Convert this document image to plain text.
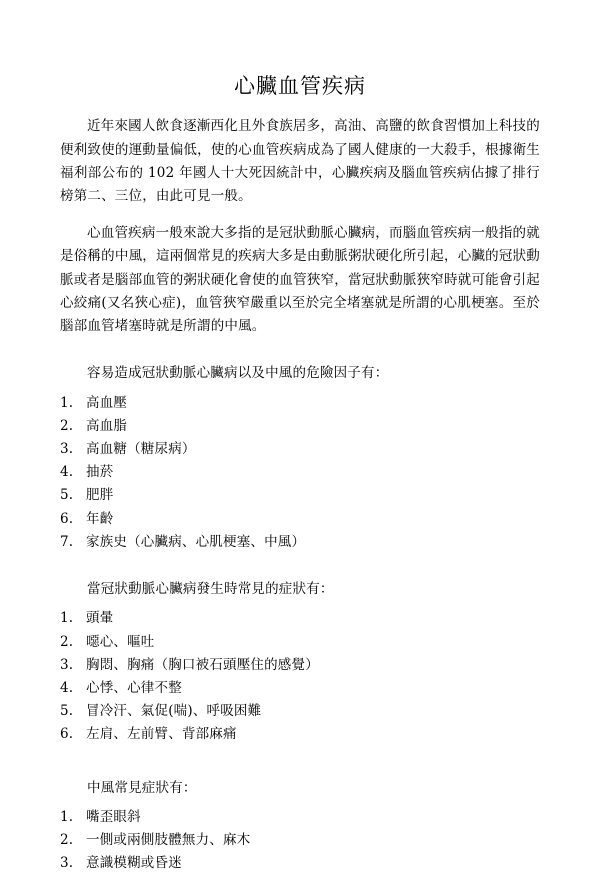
心臟血管疾病

近年來國人飲食逐漸西化且外食族居多，高油、高鹽的飲食習慣加上科技的便利致使的運動量偏低，使的心血管疾病成為了國人健康的一大殺手，根據衛生福利部公布的 102 年國人十大死因統計中，心臟疾病及腦血管疾病佔據了排行榜第二、三位，由此可見一般。

心血管疾病一般來說大多指的是冠狀動脈心臟病，而腦血管疾病一般指的就是俗稱的中風，這兩個常見的疾病大多是由動脈粥狀硬化所引起，心臟的冠狀動脈或者是腦部血管的粥狀硬化會使的血管狹窄，當冠狀動脈狹窄時就可能會引起心絞痛(又名狹心症)，血管狹窄嚴重以至於完全堵塞就是所謂的心肌梗塞。至於腦部血管堵塞時就是所謂的中風。

容易造成冠狀動脈心臟病以及中風的危險因子有：

1. 高血壓
2. 高血脂
3. 高血糖（糖尿病）
4. 抽菸
5. 肥胖
6. 年齡
7. 家族史（心臟病、心肌梗塞、中風）

當冠狀動脈心臟病發生時常見的症狀有：

1. 頭暈
2. 噁心、嘔吐
3. 胸悶、胸痛（胸口被石頭壓住的感覺）
4. 心悸、心律不整
5. 冒冷汗、氣促(喘)、呼吸困難
6. 左肩、左前臂、背部麻痛

中風常見症狀有：

1. 嘴歪眼斜
2. 一側或兩側肢體無力、麻木
3. 意識模糊或昏迷
